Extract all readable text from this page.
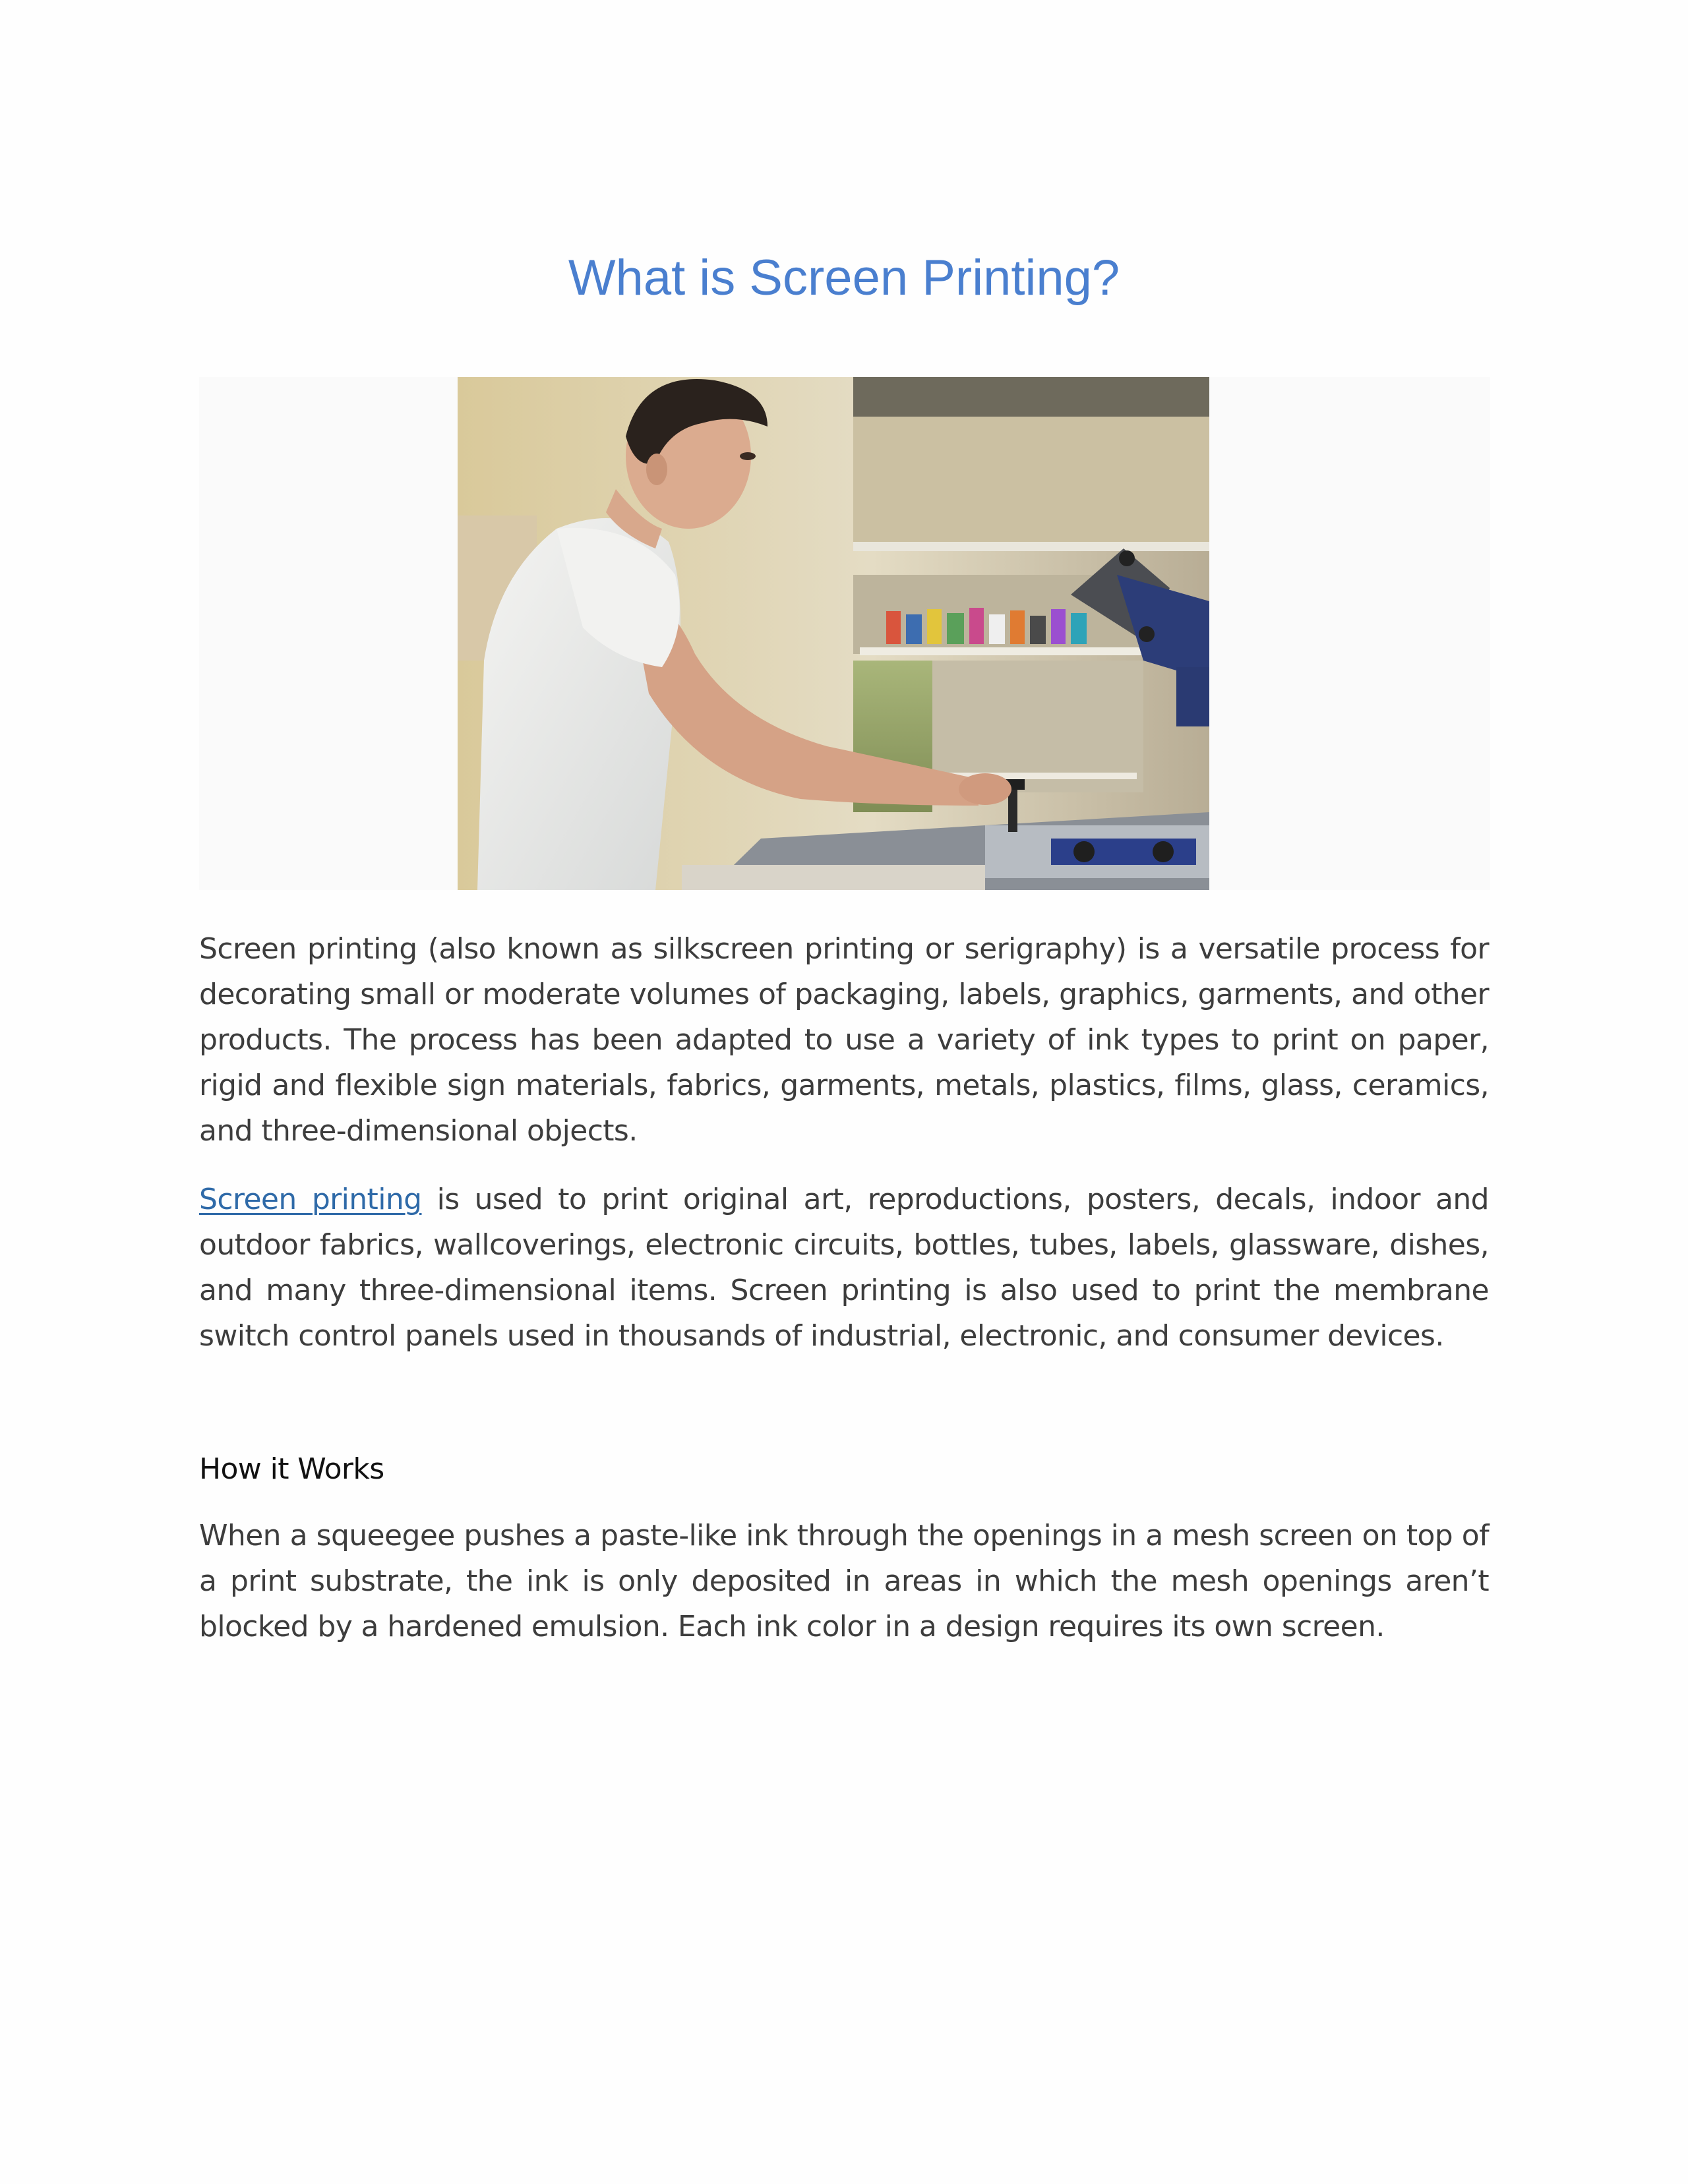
What is Screen Printing?

Screen printing (also known as silkscreen printing or serigraphy) is a versatile process for decorating small or moderate volumes of packaging, labels, graphics, garments, and other products. The process has been adapted to use a variety of ink types to print on paper, rigid and flexible sign materials, fabrics, garments, metals, plastics, films, glass, ceramics, and three-dimensional objects.

Screen printing is used to print original art, reproductions, posters, decals, indoor and outdoor fabrics, wallcoverings, electronic circuits, bottles, tubes, labels, glassware, dishes, and many three-dimensional items. Screen printing is also used to print the membrane switch control panels used in thousands of industrial, electronic, and consumer devices.

How it Works

When a squeegee pushes a paste-like ink through the openings in a mesh screen on top of a print substrate, the ink is only deposited in areas in which the mesh openings aren’t blocked by a hardened emulsion. Each ink color in a design requires its own screen.
